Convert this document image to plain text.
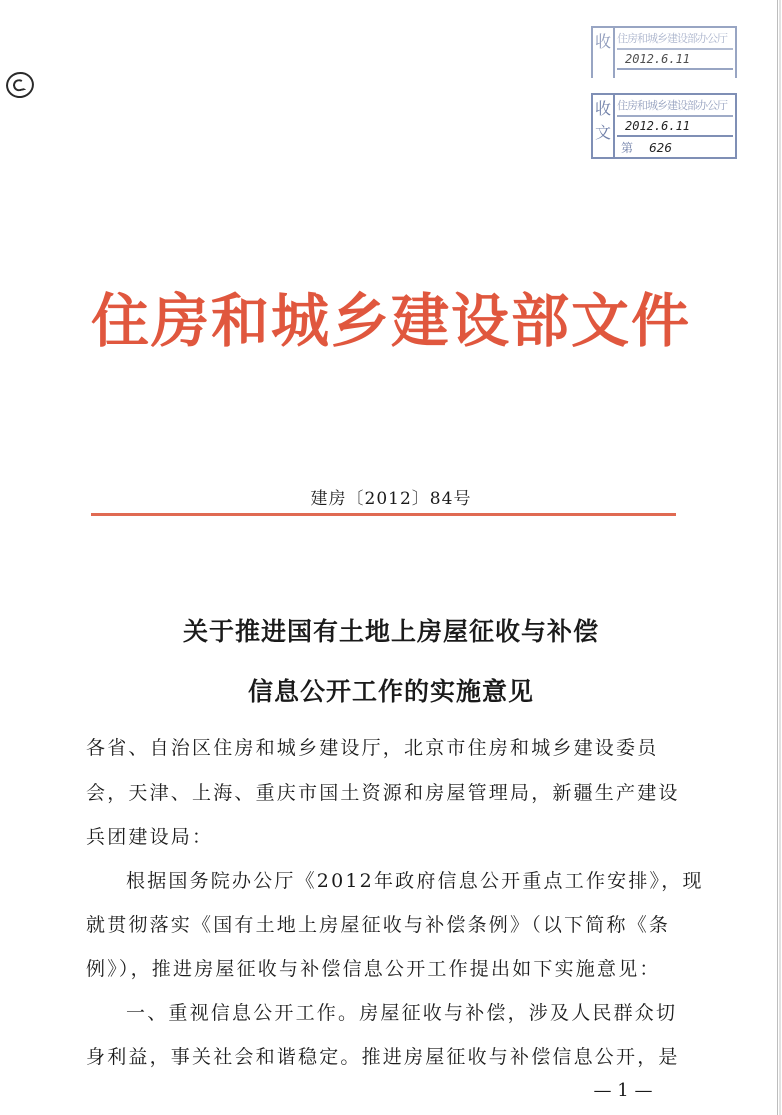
收 住房和城乡建设部办公厅
2012.6.11
收文
住房和城乡建设部办公厅
2012.6.11
第 626
住房和城乡建设部文件
建房〔2012〕84号
关于推进国有土地上房屋征收与补偿
信息公开工作的实施意见
各省、自治区住房和城乡建设厅，北京市住房和城乡建设委员
会，天津、上海、重庆市国土资源和房屋管理局，新疆生产建设
兵团建设局：
根据国务院办公厅《2012年政府信息公开重点工作安排》，现
就贯彻落实《国有土地上房屋征收与补偿条例》（以下简称《条
例》），推进房屋征收与补偿信息公开工作提出如下实施意见：
一、重视信息公开工作。房屋征收与补偿，涉及人民群众切
身利益，事关社会和谐稳定。推进房屋征收与补偿信息公开，是
— 1 —
